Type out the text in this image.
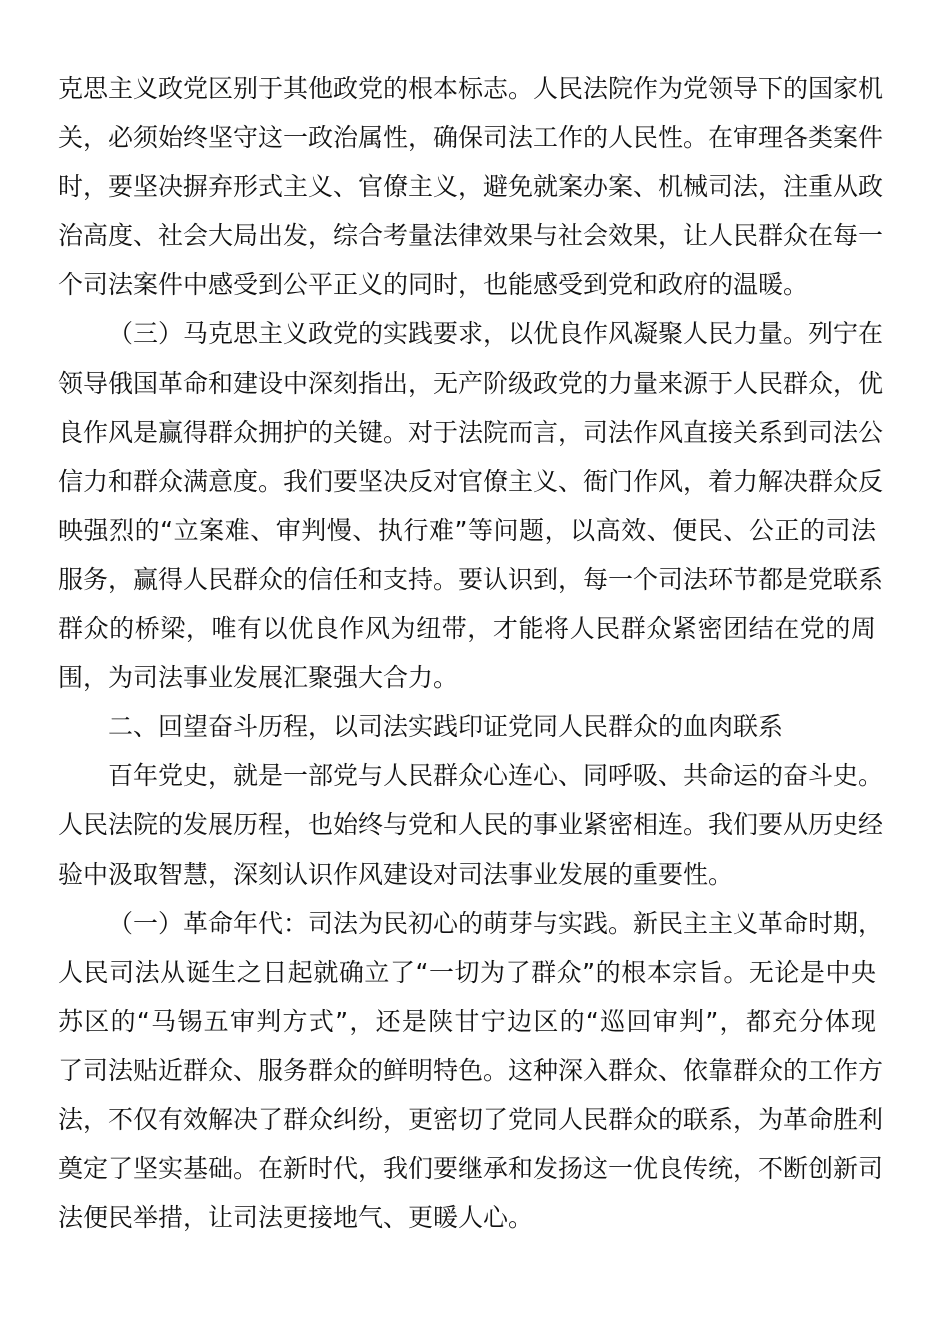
克思主义政党区别于其他政党的根本标志。人民法院作为党领导下的国家机
关，必须始终坚守这一政治属性，确保司法工作的人民性。在审理各类案件
时，要坚决摒弃形式主义、官僚主义，避免就案办案、机械司法，注重从政
治高度、社会大局出发，综合考量法律效果与社会效果，让人民群众在每一
个司法案件中感受到公平正义的同时，也能感受到党和政府的温暖。
（三）马克思主义政党的实践要求，以优良作风凝聚人民力量。列宁在
领导俄国革命和建设中深刻指出，无产阶级政党的力量来源于人民群众，优
良作风是赢得群众拥护的关键。对于法院而言，司法作风直接关系到司法公
信力和群众满意度。我们要坚决反对官僚主义、衙门作风，着力解决群众反
映强烈的“立案难、审判慢、执行难”等问题，以高效、便民、公正的司法
服务，赢得人民群众的信任和支持。要认识到，每一个司法环节都是党联系
群众的桥梁，唯有以优良作风为纽带，才能将人民群众紧密团结在党的周
围，为司法事业发展汇聚强大合力。
二、回望奋斗历程，以司法实践印证党同人民群众的血肉联系
百年党史，就是一部党与人民群众心连心、同呼吸、共命运的奋斗史。
人民法院的发展历程，也始终与党和人民的事业紧密相连。我们要从历史经
验中汲取智慧，深刻认识作风建设对司法事业发展的重要性。
（一）革命年代：司法为民初心的萌芽与实践。新民主主义革命时期，
人民司法从诞生之日起就确立了“一切为了群众”的根本宗旨。无论是中央
苏区的“马锡五审判方式”，还是陕甘宁边区的“巡回审判”，都充分体现
了司法贴近群众、服务群众的鲜明特色。这种深入群众、依靠群众的工作方
法，不仅有效解决了群众纠纷，更密切了党同人民群众的联系，为革命胜利
奠定了坚实基础。在新时代，我们要继承和发扬这一优良传统，不断创新司
法便民举措，让司法更接地气、更暖人心。
